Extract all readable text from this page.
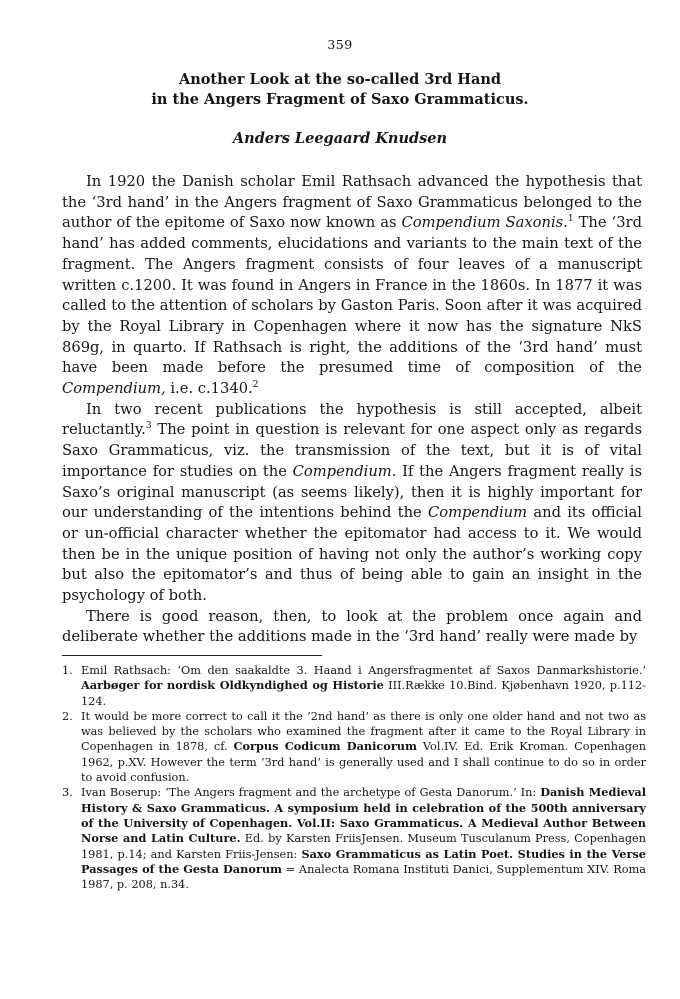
359
Another Look at the so-called 3rd Hand
in the Angers Fragment of Saxo Grammaticus.
Anders Leegaard Knudsen

In 1920 the Danish scholar Emil Rathsach advanced the hypothesis that the ‘3rd hand’ in the Angers fragment of Saxo Grammaticus belonged to the author of the epitome of Saxo now known as Compendium Saxonis.$^1$ The ‘3rd hand’ has added comments, elucidations and variants to the main text of the fragment. The Angers fragment consists of four leaves of a manuscript written c.1200. It was found in Angers in France in the 1860s. In 1877 it was called to the attention of scholars by Gaston Paris. Soon after it was acquired by the Royal Library in Copenhagen where it now has the signature NkS 869g, in quarto. If Rathsach is right, the additions of the ‘3rd hand’ must have been made before the presumed time of composition of the Compendium, i.e. c.1340.$^2$

In two recent publications the hypothesis is still accepted, albeit reluctantly.$^3$ The point in question is relevant for one aspect only as regards Saxo Grammaticus, viz. the transmission of the text, but it is of vital importance for studies on the Compendium. If the Angers fragment really is Saxo’s original manuscript (as seems likely), then it is highly important for our understanding of the intentions behind the Compendium and its official or un-official character whether the epitomator had access to it. We would then be in the unique position of having not only the author’s working copy but also the epitomator’s and thus of being able to gain an insight in the psychology of both.

There is good reason, then, to look at the problem once again and deliberate whether the additions made in the ‘3rd hand’ really were made by

1. Emil Rathsach: ‘Om den saakaldte 3. Haand i Angersfragmentet af Saxos Danmarkshistorie.’ Aarbøger for nordisk Oldkyndighed og Historie III.Række 10.Bind. Kjøbenhavn 1920, p.112-124.
2. It would be more correct to call it the ‘2nd hand’ as there is only one older hand and not two as was believed by the scholars who examined the fragment after it came to the Royal Library in Copenhagen in 1878, cf. Corpus Codicum Danicorum Vol.IV. Ed. Erik Kroman. Copenhagen 1962, p.XV. However the term ‘3rd hand’ is generally used and I shall continue to do so in order to avoid confusion.
3. Ivan Boserup: ‘The Angers fragment and the archetype of Gesta Danorum.’ In: Danish Medieval History & Saxo Grammaticus. A symposium held in celebration of the 500th anniversary of the University of Copenhagen. Vol.II: Saxo Grammaticus. A Medieval Author Between Norse and Latin Culture. Ed. by Karsten FriisJensen. Museum Tusculanum Press, Copenhagen 1981, p.14; and Karsten Friis-Jensen: Saxo Grammaticus as Latin Poet. Studies in the Verse Passages of the Gesta Danorum = Analecta Romana Instituti Danici, Supplementum XIV. Roma 1987, p. 208, n.34.
